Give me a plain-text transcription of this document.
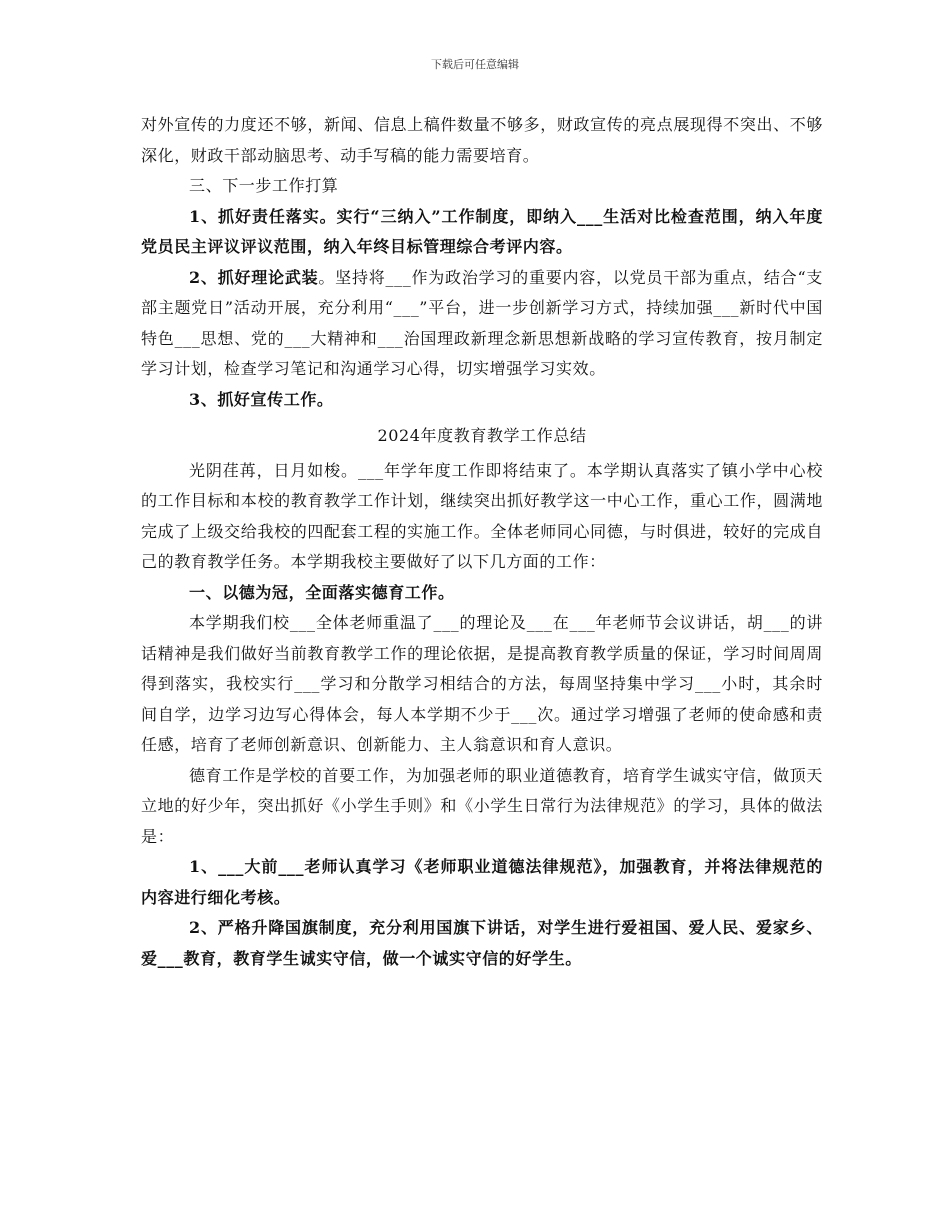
下载后可任意编辑

对外宣传的力度还不够，新闻、信息上稿件数量不够多，财政宣传的亮点展现得不突出、不够深化，财政干部动脑思考、动手写稿的能力需要培育。

三、下一步工作打算

1、抓好责任落实。实行“三纳入”工作制度，即纳入___生活对比检查范围，纳入年度党员民主评议评议范围，纳入年终目标管理综合考评内容。

2、抓好理论武装。坚持将___作为政治学习的重要内容，以党员干部为重点，结合“支部主题党日”活动开展，充分利用“___”平台，进一步创新学习方式，持续加强___新时代中国特色___思想、党的___大精神和___治国理政新理念新思想新战略的学习宣传教育，按月制定学习计划，检查学习笔记和沟通学习心得，切实增强学习实效。

3、抓好宣传工作。

2024年度教育教学工作总结

光阴荏苒，日月如梭。___年学年度工作即将结束了。本学期认真落实了镇小学中心校的工作目标和本校的教育教学工作计划，继续突出抓好教学这一中心工作，重心工作，圆满地完成了上级交给我校的四配套工程的实施工作。全体老师同心同德，与时俱进，较好的完成自己的教育教学任务。本学期我校主要做好了以下几方面的工作：

一、以德为冠，全面落实德育工作。

本学期我们校___全体老师重温了___的理论及___在___年老师节会议讲话，胡___的讲话精神是我们做好当前教育教学工作的理论依据，是提高教育教学质量的保证，学习时间周周得到落实，我校实行___学习和分散学习相结合的方法，每周坚持集中学习___小时，其余时间自学，边学习边写心得体会，每人本学期不少于___次。通过学习增强了老师的使命感和责任感，培育了老师创新意识、创新能力、主人翁意识和育人意识。

德育工作是学校的首要工作，为加强老师的职业道德教育，培育学生诚实守信，做顶天立地的好少年，突出抓好《小学生手则》和《小学生日常行为法律规范》的学习，具体的做法是：

1、___大前___老师认真学习《老师职业道德法律规范》，加强教育，并将法律规范的内容进行细化考核。

2、严格升降国旗制度，充分利用国旗下讲话，对学生进行爱祖国、爱人民、爱家乡、爱___教育，教育学生诚实守信，做一个诚实守信的好学生。
